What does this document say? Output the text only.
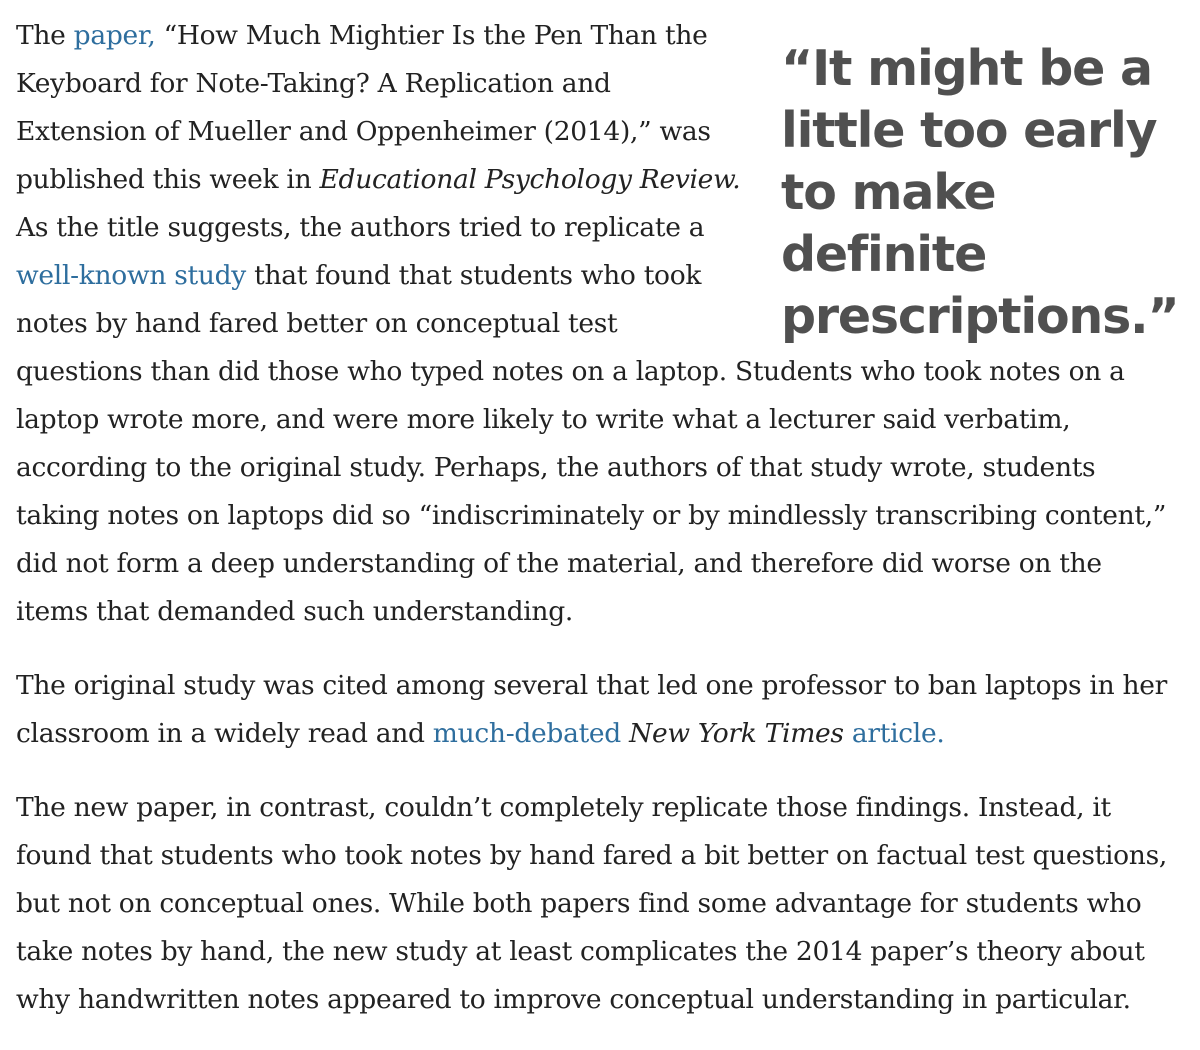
“It might be a little too early to make definite prescriptions.”

The paper, “How Much Mightier Is the Pen Than the Keyboard for Note-Taking? A Replication and Extension of Mueller and Oppenheimer (2014),” was published this week in Educational Psychology Review. As the title suggests, the authors tried to replicate a well-known study that found that students who took notes by hand fared better on conceptual test questions than did those who typed notes on a laptop. Students who took notes on a laptop wrote more, and were more likely to write what a lecturer said verbatim, according to the original study. Perhaps, the authors of that study wrote, students taking notes on laptops did so “indiscriminately or by mindlessly transcribing content,” did not form a deep understanding of the material, and therefore did worse on the items that demanded such understanding.

The original study was cited among several that led one professor to ban laptops in her classroom in a widely read and much-debated New York Times article.

The new paper, in contrast, couldn’t completely replicate those findings. Instead, it found that students who took notes by hand fared a bit better on factual test questions, but not on conceptual ones. While both papers find some advantage for students who take notes by hand, the new study at least complicates the 2014 paper’s theory about why handwritten notes appeared to improve conceptual understanding in particular.
